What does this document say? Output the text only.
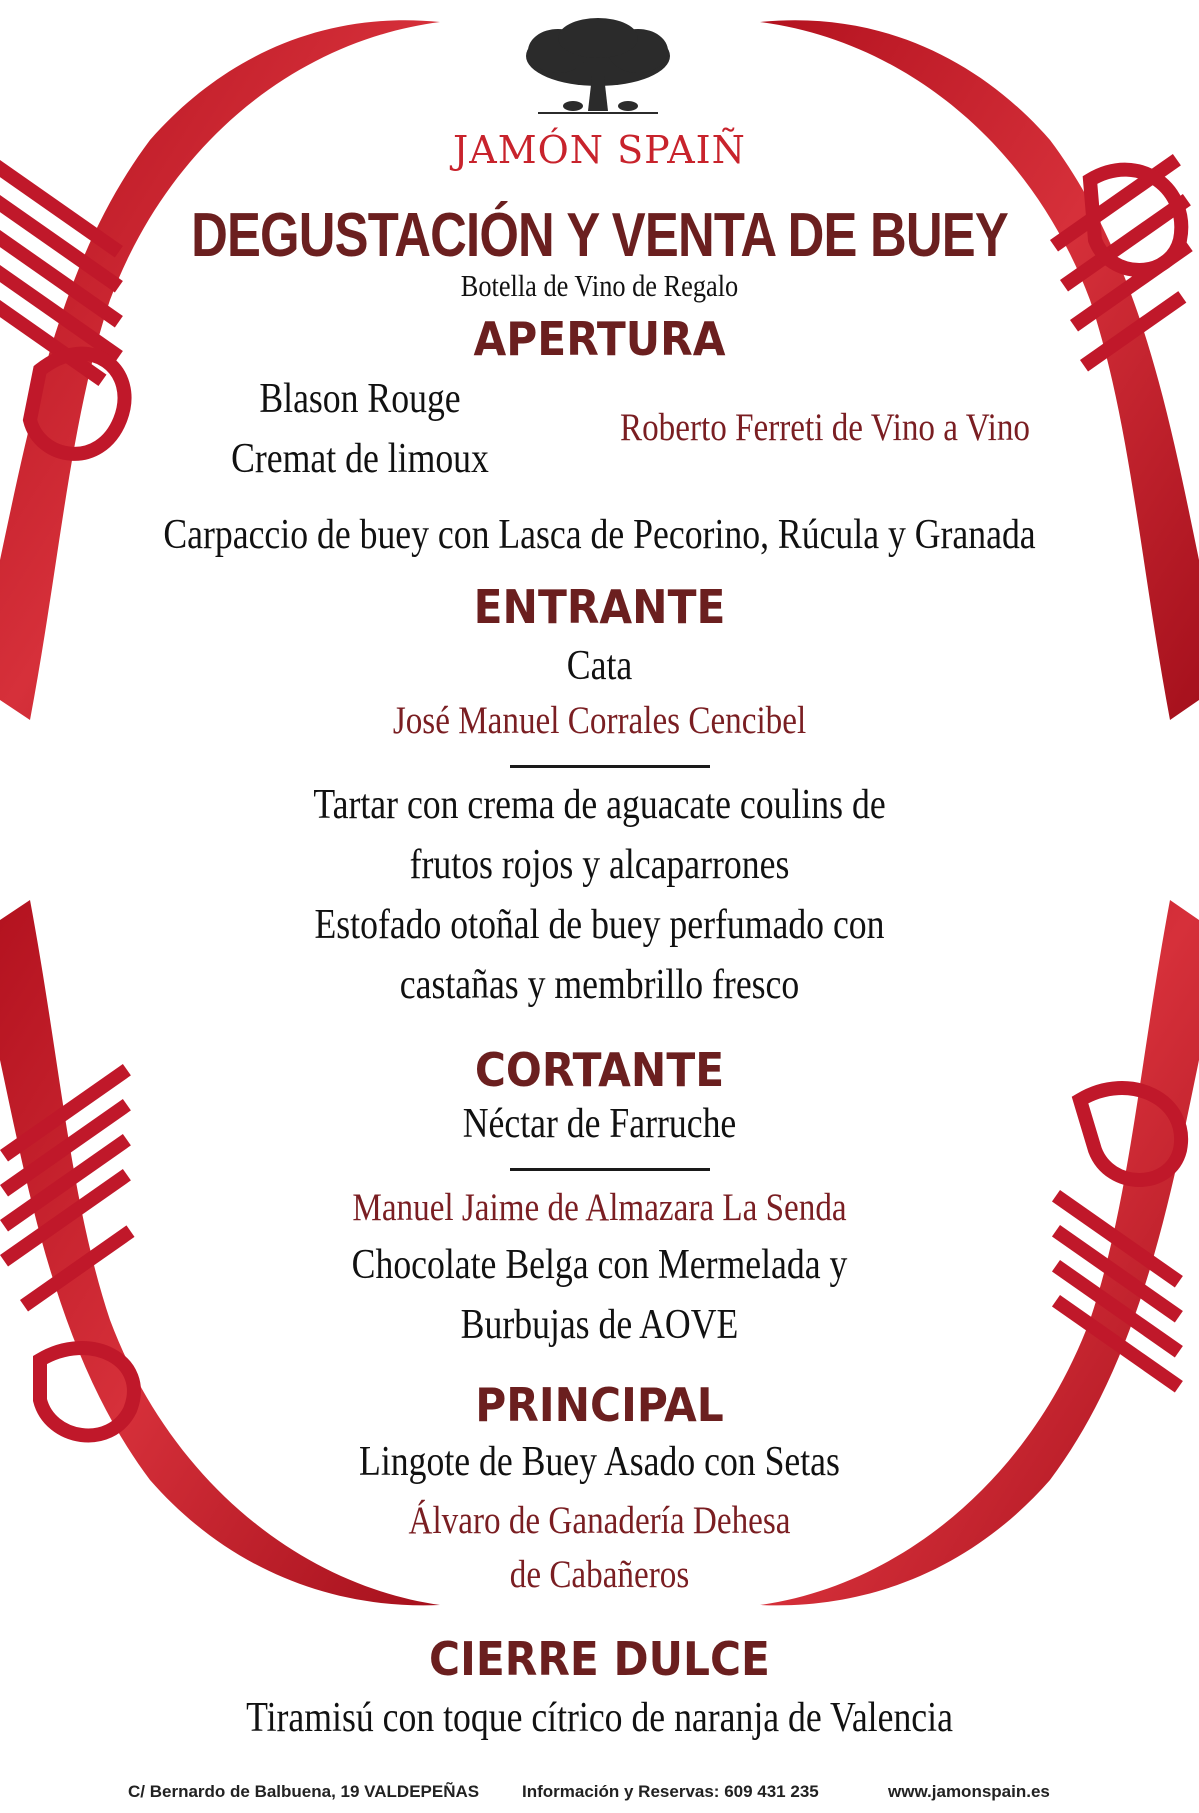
JAMÓN SPAIÑ

DEGUSTACIÓN Y VENTA DE BUEY

Botella de Vino de Regalo

APERTURA

Blason Rouge

Cremat de limoux

Roberto Ferreti de Vino a Vino

Carpaccio de buey con Lasca de Pecorino, Rúcula y Granada

ENTRANTE

Cata

José Manuel Corrales Cencibel

Tartar con crema de aguacate coulins de

frutos rojos y alcaparrones

Estofado otoñal de buey perfumado con

castañas y membrillo fresco

CORTANTE

Néctar de Farruche

Manuel Jaime de Almazara La Senda

Chocolate Belga con Mermelada y

Burbujas de AOVE

PRINCIPAL

Lingote de Buey Asado con Setas

Álvaro de Ganadería Dehesa

de Cabañeros

CIERRE DULCE

Tiramisú con toque cítrico de naranja de Valencia

C/ Bernardo de Balbuena, 19 VALDEPEÑAS	Información y Reservas: 609 431 235	www.jamonspain.es
